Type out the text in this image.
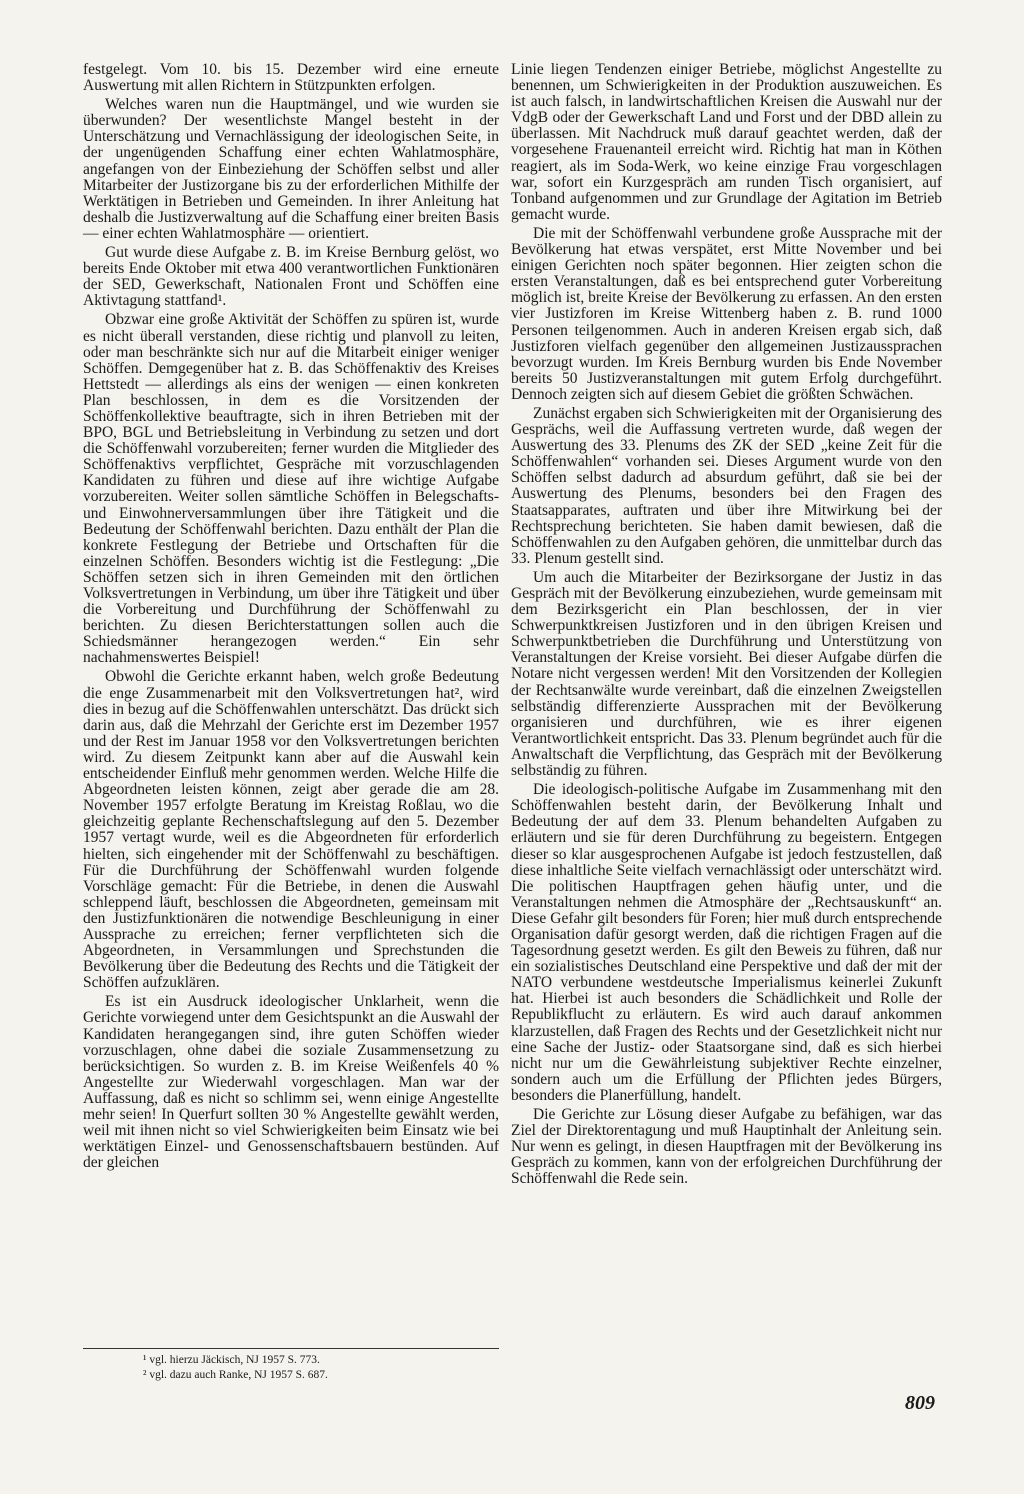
festgelegt. Vom 10. bis 15. Dezember wird eine erneute Auswertung mit allen Richtern in Stützpunkten erfolgen.

Welches waren nun die Hauptmängel, und wie wurden sie überwunden? Der wesentlichste Mangel besteht in der Unterschätzung und Vernachlässigung der ideologischen Seite, in der ungenügenden Schaffung einer echten Wahlatmosphäre, angefangen von der Einbeziehung der Schöffen selbst und aller Mitarbeiter der Justizorgane bis zu der erforderlichen Mithilfe der Werktätigen in Betrieben und Gemeinden. In ihrer Anleitung hat deshalb die Justizverwaltung auf die Schaffung einer breiten Basis — einer echten Wahlatmosphäre — orientiert.

Gut wurde diese Aufgabe z. B. im Kreise Bernburg gelöst, wo bereits Ende Oktober mit etwa 400 verantwortlichen Funktionären der SED, Gewerkschaft, Nationalen Front und Schöffen eine Aktivtagung stattfand¹.

Obzwar eine große Aktivität der Schöffen zu spüren ist, wurde es nicht überall verstanden, diese richtig und planvoll zu leiten, oder man beschränkte sich nur auf die Mitarbeit einiger weniger Schöffen. Demgegenüber hat z. B. das Schöffenaktiv des Kreises Hettstedt — allerdings als eins der wenigen — einen konkreten Plan beschlossen, in dem es die Vorsitzenden der Schöffenkollektive beauftragte, sich in ihren Betrieben mit der BPO, BGL und Betriebsleitung in Verbindung zu setzen und dort die Schöffenwahl vorzubereiten; ferner wurden die Mitglieder des Schöffenaktivs verpflichtet, Gespräche mit vorzuschlagenden Kandidaten zu führen und diese auf ihre wichtige Aufgabe vorzubereiten. Weiter sollen sämtliche Schöffen in Belegschafts- und Einwohnerversammlungen über ihre Tätigkeit und die Bedeutung der Schöffenwahl berichten. Dazu enthält der Plan die konkrete Festlegung der Betriebe und Ortschaften für die einzelnen Schöffen. Besonders wichtig ist die Festlegung: „Die Schöffen setzen sich in ihren Gemeinden mit den örtlichen Volksvertretungen in Verbindung, um über ihre Tätigkeit und über die Vorbereitung und Durchführung der Schöffenwahl zu berichten. Zu diesen Berichterstattungen sollen auch die Schiedsmänner herangezogen werden.“ Ein sehr nachahmenswertes Beispiel!

Obwohl die Gerichte erkannt haben, welch große Bedeutung die enge Zusammenarbeit mit den Volksvertretungen hat², wird dies in bezug auf die Schöffenwahlen unterschätzt. Das drückt sich darin aus, daß die Mehrzahl der Gerichte erst im Dezember 1957 und der Rest im Januar 1958 vor den Volksvertretungen berichten wird. Zu diesem Zeitpunkt kann aber auf die Auswahl kein entscheidender Einfluß mehr genommen werden. Welche Hilfe die Abgeordneten leisten können, zeigt aber gerade die am 28. November 1957 erfolgte Beratung im Kreistag Roßlau, wo die gleichzeitig geplante Rechenschaftslegung auf den 5. Dezember 1957 vertagt wurde, weil es die Abgeordneten für erforderlich hielten, sich eingehender mit der Schöffenwahl zu beschäftigen. Für die Durchführung der Schöffenwahl wurden folgende Vorschläge gemacht: Für die Betriebe, in denen die Auswahl schleppend läuft, beschlossen die Abgeordneten, gemeinsam mit den Justizfunktionären die notwendige Beschleunigung in einer Aussprache zu erreichen; ferner verpflichteten sich die Abgeordneten, in Versammlungen und Sprechstunden die Bevölkerung über die Bedeutung des Rechts und die Tätigkeit der Schöffen aufzuklären.

Es ist ein Ausdruck ideologischer Unklarheit, wenn die Gerichte vorwiegend unter dem Gesichtspunkt an die Auswahl der Kandidaten herangegangen sind, ihre guten Schöffen wieder vorzuschlagen, ohne dabei die soziale Zusammensetzung zu berücksichtigen. So wurden z. B. im Kreise Weißenfels 40 % Angestellte zur Wiederwahl vorgeschlagen. Man war der Auffassung, daß es nicht so schlimm sei, wenn einige Angestellte mehr seien! In Querfurt sollten 30 % Angestellte gewählt werden, weil mit ihnen nicht so viel Schwierigkeiten beim Einsatz wie bei werktätigen Einzel- und Genossenschaftsbauern bestünden. Auf der gleichen

Linie liegen Tendenzen einiger Betriebe, möglichst Angestellte zu benennen, um Schwierigkeiten in der Produktion auszuweichen. Es ist auch falsch, in landwirtschaftlichen Kreisen die Auswahl nur der VdgB oder der Gewerkschaft Land und Forst und der DBD allein zu überlassen. Mit Nachdruck muß darauf geachtet werden, daß der vorgesehene Frauenanteil erreicht wird. Richtig hat man in Köthen reagiert, als im Soda-Werk, wo keine einzige Frau vorgeschlagen war, sofort ein Kurzgespräch am runden Tisch organisiert, auf Tonband aufgenommen und zur Grundlage der Agitation im Betrieb gemacht wurde.

Die mit der Schöffenwahl verbundene große Aussprache mit der Bevölkerung hat etwas verspätet, erst Mitte November und bei einigen Gerichten noch später begonnen. Hier zeigten schon die ersten Veranstaltungen, daß es bei entsprechend guter Vorbereitung möglich ist, breite Kreise der Bevölkerung zu erfassen. An den ersten vier Justizforen im Kreise Wittenberg haben z. B. rund 1000 Personen teilgenommen. Auch in anderen Kreisen ergab sich, daß Justizforen vielfach gegenüber den allgemeinen Justizaussprachen bevorzugt wurden. Im Kreis Bernburg wurden bis Ende November bereits 50 Justizveranstaltungen mit gutem Erfolg durchgeführt. Dennoch zeigten sich auf diesem Gebiet die größten Schwächen.

Zunächst ergaben sich Schwierigkeiten mit der Organisierung des Gesprächs, weil die Auffassung vertreten wurde, daß wegen der Auswertung des 33. Plenums des ZK der SED „keine Zeit für die Schöffenwahlen“ vorhanden sei. Dieses Argument wurde von den Schöffen selbst dadurch ad absurdum geführt, daß sie bei der Auswertung des Plenums, besonders bei den Fragen des Staatsapparates, auftraten und über ihre Mitwirkung bei der Rechtsprechung berichteten. Sie haben damit bewiesen, daß die Schöffenwahlen zu den Aufgaben gehören, die unmittelbar durch das 33. Plenum gestellt sind.

Um auch die Mitarbeiter der Bezirksorgane der Justiz in das Gespräch mit der Bevölkerung einzubeziehen, wurde gemeinsam mit dem Bezirksgericht ein Plan beschlossen, der in vier Schwerpunktkreisen Justizforen und in den übrigen Kreisen und Schwerpunktbetrieben die Durchführung und Unterstützung von Veranstaltungen der Kreise vorsieht. Bei dieser Aufgabe dürfen die Notare nicht vergessen werden! Mit den Vorsitzenden der Kollegien der Rechtsanwälte wurde vereinbart, daß die einzelnen Zweigstellen selbständig differenzierte Aussprachen mit der Bevölkerung organisieren und durchführen, wie es ihrer eigenen Verantwortlichkeit entspricht. Das 33. Plenum begründet auch für die Anwaltschaft die Verpflichtung, das Gespräch mit der Bevölkerung selbständig zu führen.

Die ideologisch-politische Aufgabe im Zusammenhang mit den Schöffenwahlen besteht darin, der Bevölkerung Inhalt und Bedeutung der auf dem 33. Plenum behandelten Aufgaben zu erläutern und sie für deren Durchführung zu begeistern. Entgegen dieser so klar ausgesprochenen Aufgabe ist jedoch festzustellen, daß diese inhaltliche Seite vielfach vernachlässigt oder unterschätzt wird. Die politischen Hauptfragen gehen häufig unter, und die Veranstaltungen nehmen die Atmosphäre der „Rechtsauskunft“ an. Diese Gefahr gilt besonders für Foren; hier muß durch entsprechende Organisation dafür gesorgt werden, daß die richtigen Fragen auf die Tagesordnung gesetzt werden. Es gilt den Beweis zu führen, daß nur ein sozialistisches Deutschland eine Perspektive und daß der mit der NATO verbundene westdeutsche Imperialismus keinerlei Zukunft hat. Hierbei ist auch besonders die Schädlichkeit und Rolle der Republikflucht zu erläutern. Es wird auch darauf ankommen klarzustellen, daß Fragen des Rechts und der Gesetzlichkeit nicht nur eine Sache der Justiz- oder Staatsorgane sind, daß es sich hierbei nicht nur um die Gewährleistung subjektiver Rechte einzelner, sondern auch um die Erfüllung der Pflichten jedes Bürgers, besonders die Planerfüllung, handelt.

Die Gerichte zur Lösung dieser Aufgabe zu befähigen, war das Ziel der Direktorentagung und muß Hauptinhalt der Anleitung sein. Nur wenn es gelingt, in diesen Hauptfragen mit der Bevölkerung ins Gespräch zu kommen, kann von der erfolgreichen Durchführung der Schöffenwahl die Rede sein.

¹ vgl. hierzu Jäckisch, NJ 1957 S. 773.
² vgl. dazu auch Ranke, NJ 1957 S. 687.
809
